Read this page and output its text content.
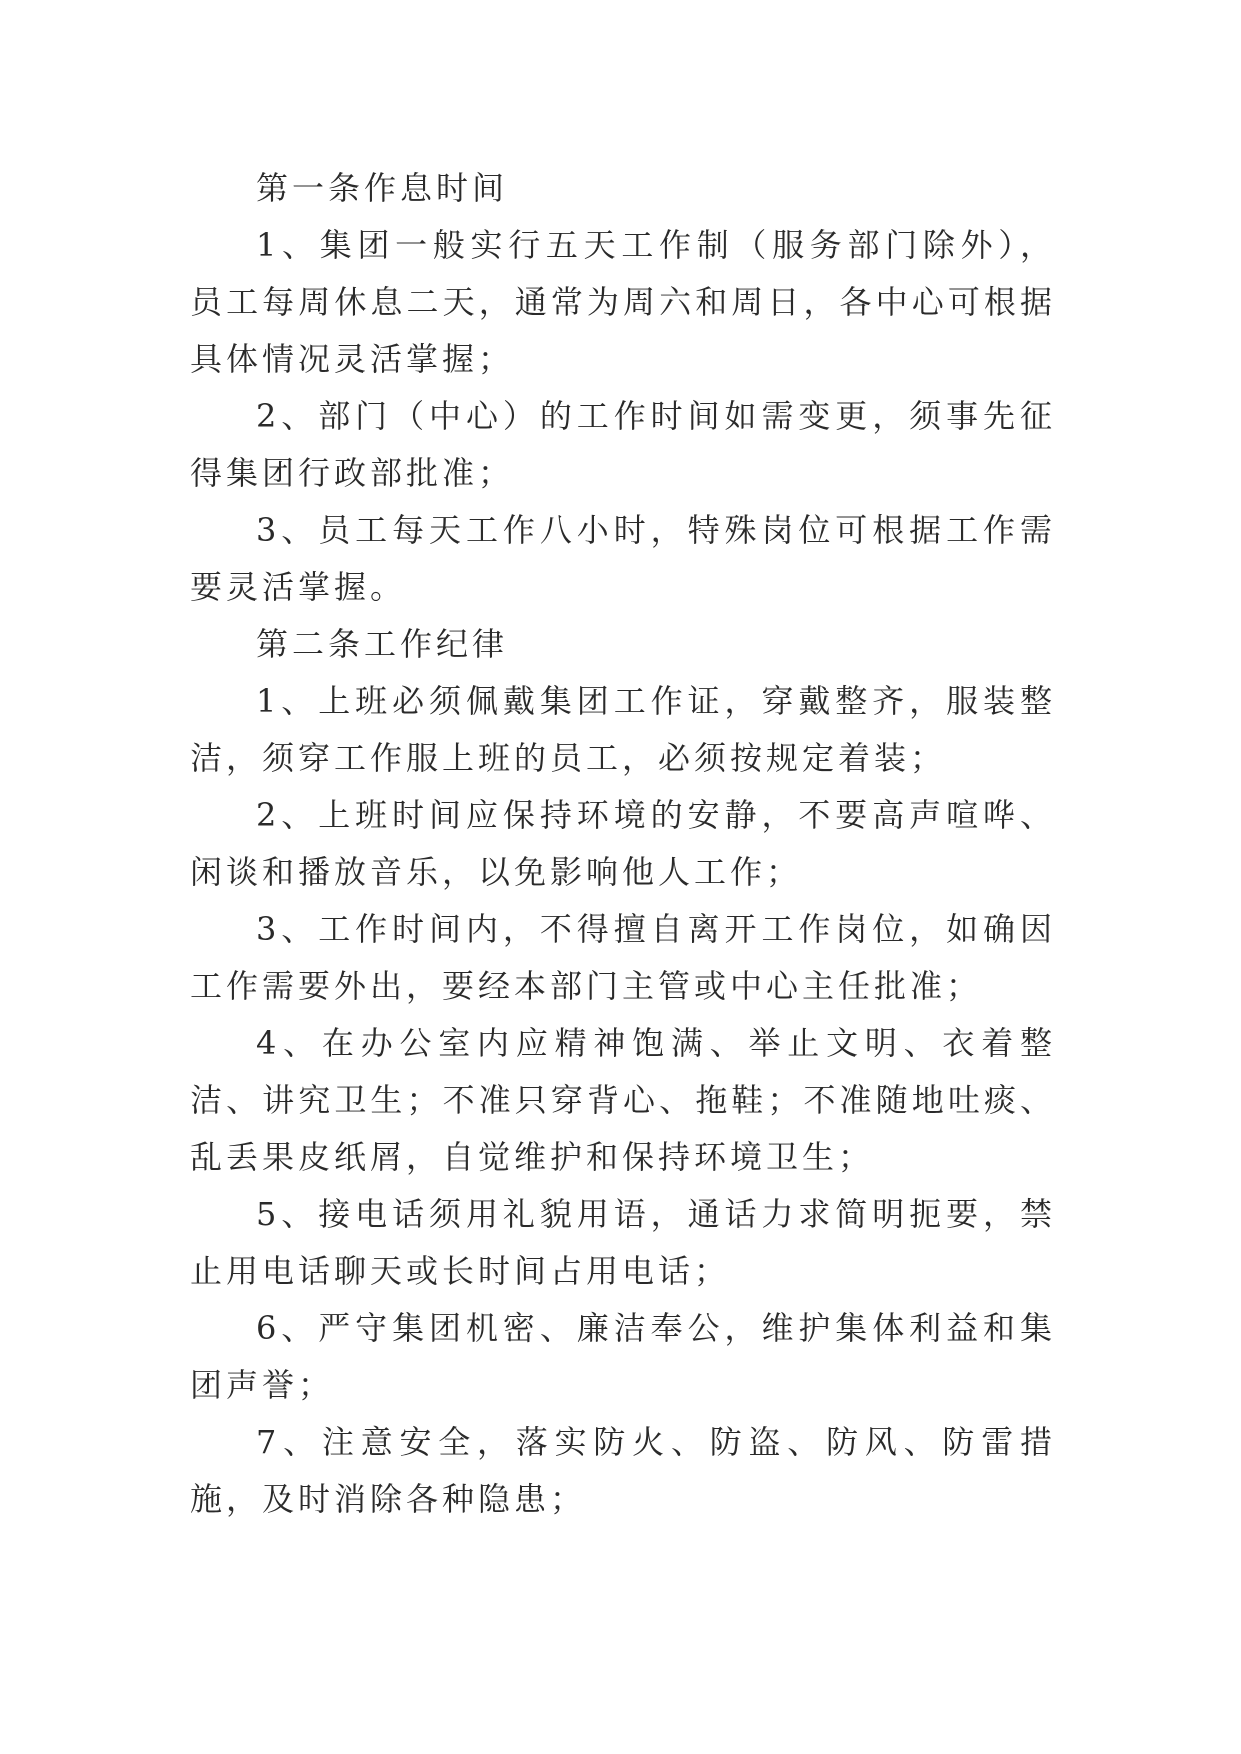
第一条作息时间

1、集团一般实行五天工作制（服务部门除外），员工每周休息二天，通常为周六和周日，各中心可根据具体情况灵活掌握；

2、部门（中心）的工作时间如需变更，须事先征得集团行政部批准；

3、员工每天工作八小时，特殊岗位可根据工作需要灵活掌握。

第二条工作纪律

1、上班必须佩戴集团工作证，穿戴整齐，服装整洁，须穿工作服上班的员工，必须按规定着装；

2、上班时间应保持环境的安静，不要高声喧哗、闲谈和播放音乐，以免影响他人工作；

3、工作时间内，不得擅自离开工作岗位，如确因工作需要外出，要经本部门主管或中心主任批准；

4、在办公室内应精神饱满、举止文明、衣着整洁、讲究卫生；不准只穿背心、拖鞋；不准随地吐痰、乱丢果皮纸屑，自觉维护和保持环境卫生；

5、接电话须用礼貌用语，通话力求简明扼要，禁止用电话聊天或长时间占用电话；

6、严守集团机密、廉洁奉公，维护集体利益和集团声誉；

7、注意安全，落实防火、防盗、防风、防雷措施，及时消除各种隐患；
